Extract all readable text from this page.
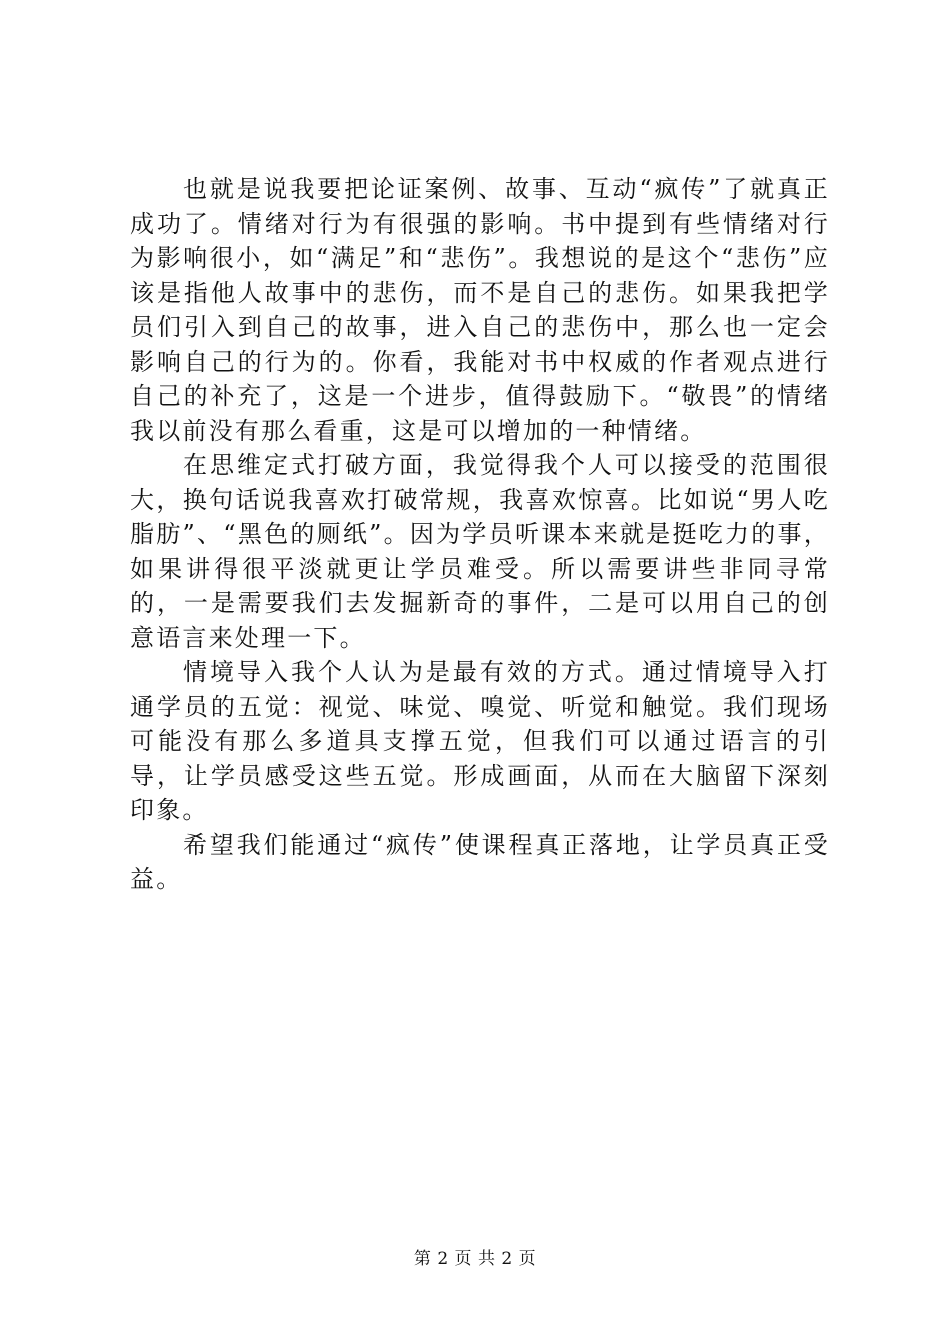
也就是说我要把论证案例、故事、互动“疯传”了就真正成功了。情绪对行为有很强的影响。书中提到有些情绪对行为影响很小，如“满足”和“悲伤”。我想说的是这个“悲伤”应该是指他人故事中的悲伤，而不是自己的悲伤。如果我把学员们引入到自己的故事，进入自己的悲伤中，那么也一定会影响自己的行为的。你看，我能对书中权威的作者观点进行自己的补充了，这是一个进步，值得鼓励下。“敬畏”的情绪我以前没有那么看重，这是可以增加的一种情绪。

在思维定式打破方面，我觉得我个人可以接受的范围很大，换句话说我喜欢打破常规，我喜欢惊喜。比如说“男人吃脂肪”、“黑色的厕纸”。因为学员听课本来就是挺吃力的事，如果讲得很平淡就更让学员难受。所以需要讲些非同寻常的，一是需要我们去发掘新奇的事件，二是可以用自己的创意语言来处理一下。

情境导入我个人认为是最有效的方式。通过情境导入打通学员的五觉：视觉、味觉、嗅觉、听觉和触觉。我们现场可能没有那么多道具支撑五觉，但我们可以通过语言的引导，让学员感受这些五觉。形成画面，从而在大脑留下深刻印象。

希望我们能通过“疯传”使课程真正落地，让学员真正受益。

第 2 页 共 2 页
